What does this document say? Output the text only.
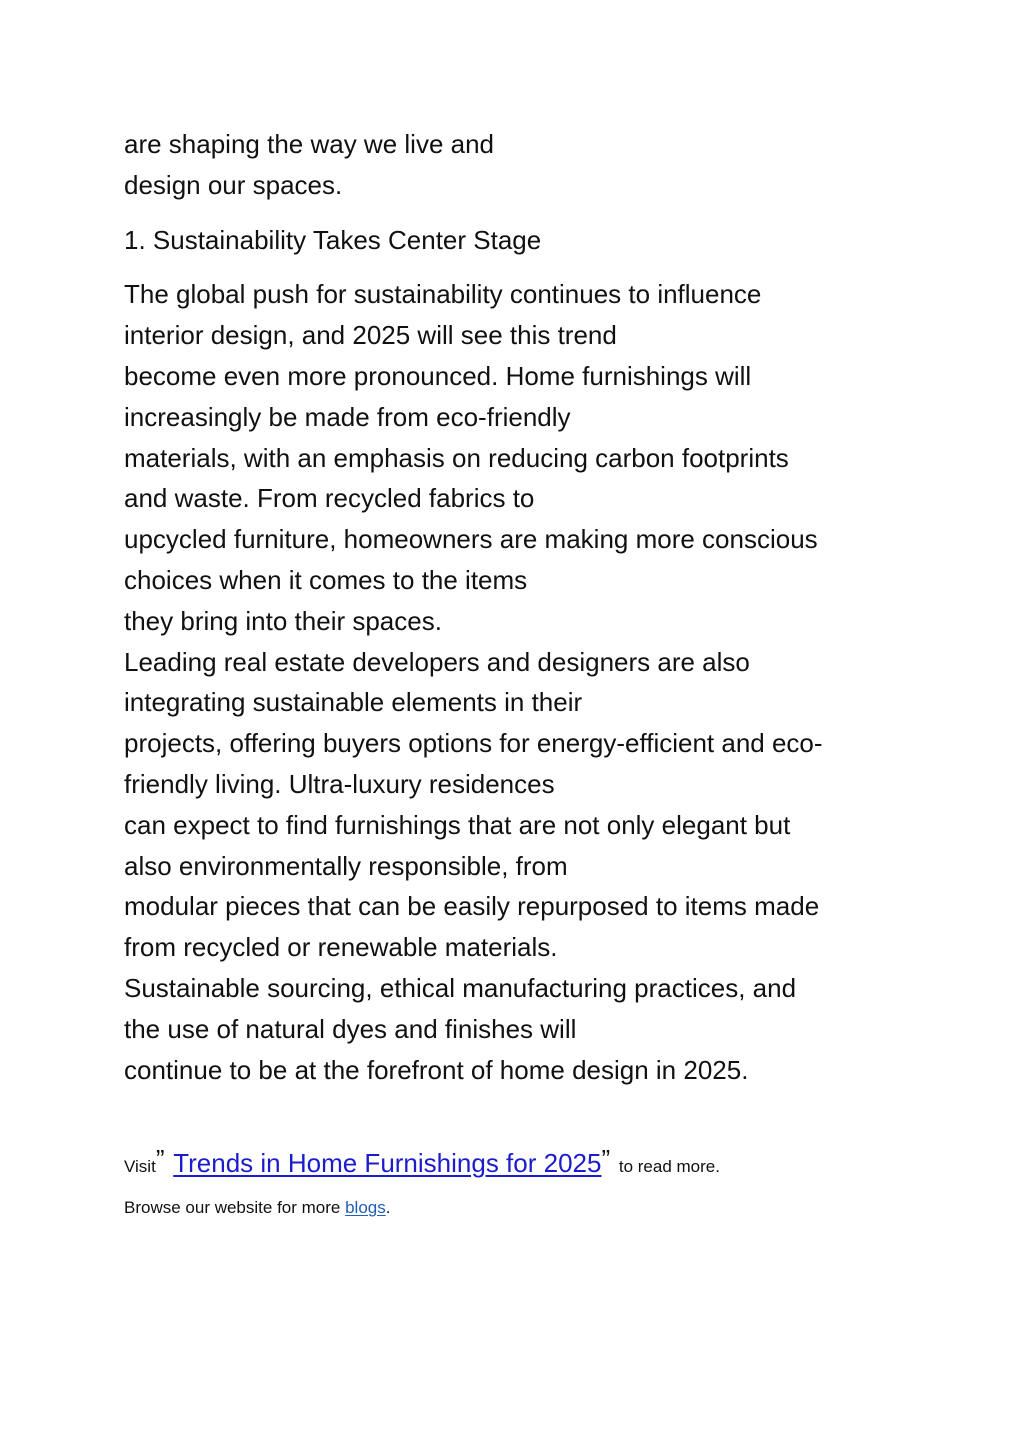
are shaping the way we live and

design our spaces.

1. Sustainability Takes Center Stage

The global push for sustainability continues to influence

interior design, and 2025 will see this trend

become even more pronounced. Home furnishings will

increasingly be made from eco-friendly

materials, with an emphasis on reducing carbon footprints

and waste. From recycled fabrics to

upcycled furniture, homeowners are making more conscious

choices when it comes to the items

they bring into their spaces.

Leading real estate developers and designers are also

integrating sustainable elements in their

projects, offering buyers options for energy-efficient and eco-

friendly living. Ultra-luxury residences

can expect to find furnishings that are not only elegant but

also environmentally responsible, from

modular pieces that can be easily repurposed to items made

from recycled or renewable materials.

Sustainable sourcing, ethical manufacturing practices, and

the use of natural dyes and finishes will

continue to be at the forefront of home design in 2025.

Visit” Trends in Home Furnishings for 2025” to read more.
Browse our website for more blogs.
